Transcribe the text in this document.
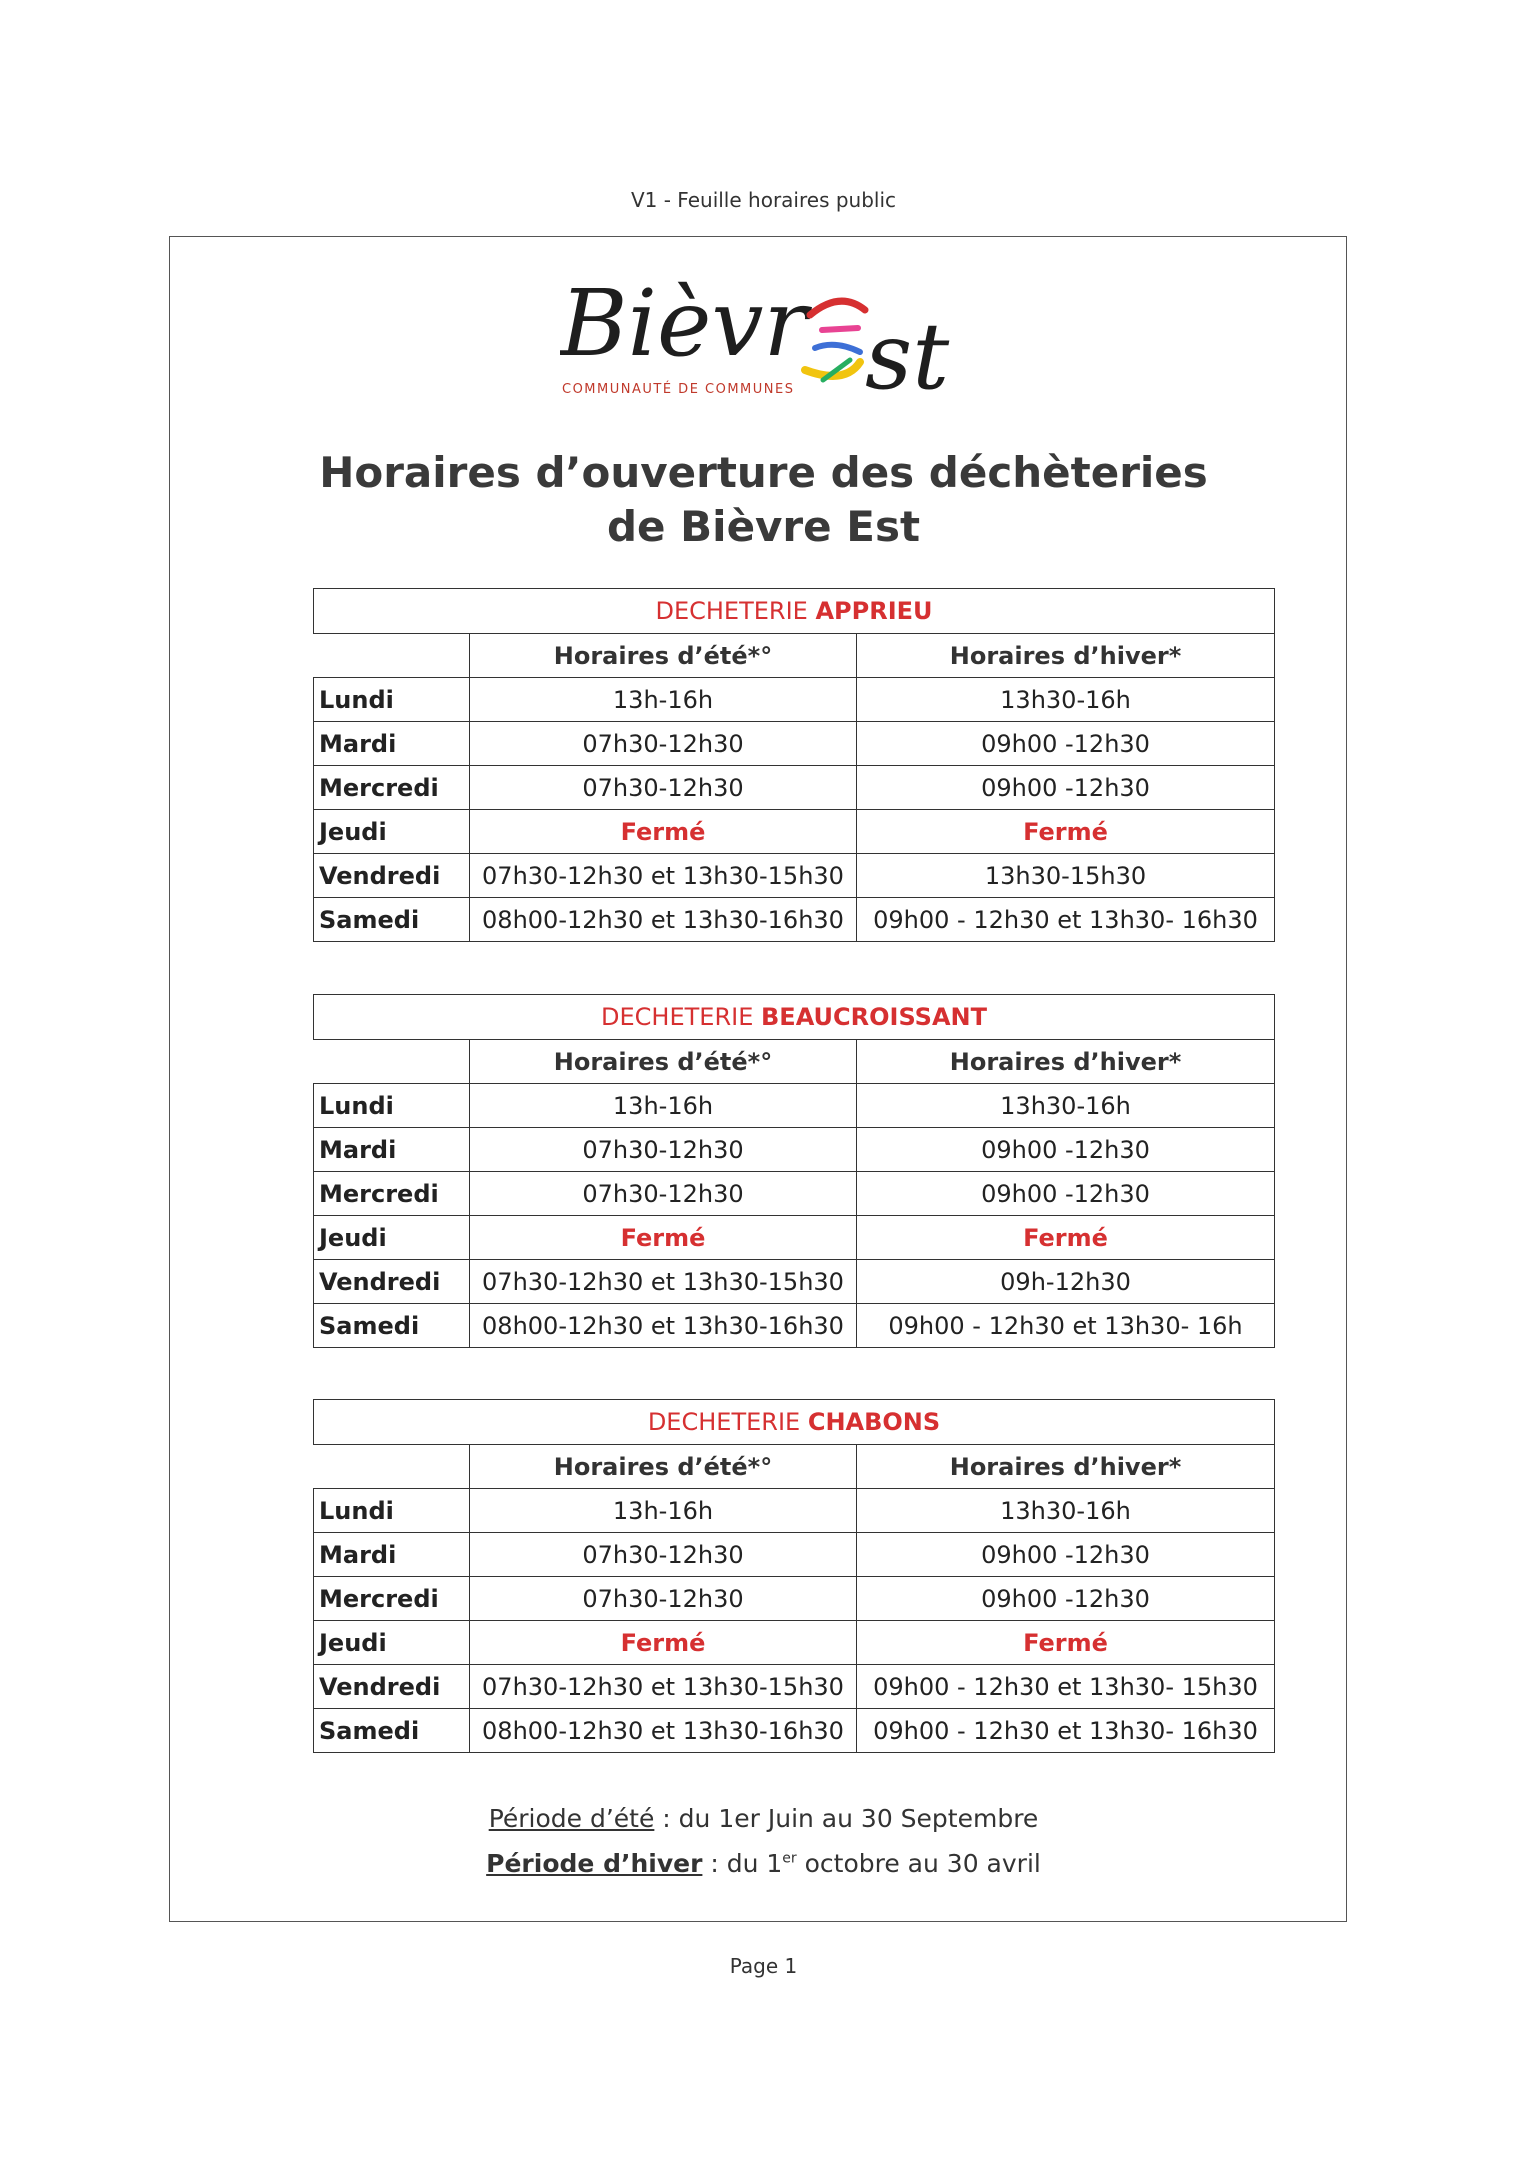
V1 - Feuille horaires public
Bièvr st
COMMUNAUTÉ DE COMMUNES
Horaires d’ouverture des déchèteries
de Bièvre Est
DECHETERIE APPRIEU		
	Horaires d’été*°	Horaires d’hiver*
Lundi	13h-16h	13h30-16h
Mardi	07h30-12h30	09h00 -12h30
Mercredi	07h30-12h30	09h00 -12h30
Jeudi	Fermé	Fermé
Vendredi	07h30-12h30 et 13h30-15h30	13h30-15h30
Samedi	08h00-12h30 et 13h30-16h30	09h00 - 12h30 et 13h30- 16h30
DECHETERIE BEAUCROISSANT		
	Horaires d’été*°	Horaires d’hiver*
Lundi	13h-16h	13h30-16h
Mardi	07h30-12h30	09h00 -12h30
Mercredi	07h30-12h30	09h00 -12h30
Jeudi	Fermé	Fermé
Vendredi	07h30-12h30 et 13h30-15h30	09h-12h30
Samedi	08h00-12h30 et 13h30-16h30	09h00 - 12h30 et 13h30- 16h
DECHETERIE CHABONS		
	Horaires d’été*°	Horaires d’hiver*
Lundi	13h-16h	13h30-16h
Mardi	07h30-12h30	09h00 -12h30
Mercredi	07h30-12h30	09h00 -12h30
Jeudi	Fermé	Fermé
Vendredi	07h30-12h30 et 13h30-15h30	09h00 - 12h30 et 13h30- 15h30
Samedi	08h00-12h30 et 13h30-16h30	09h00 - 12h30 et 13h30- 16h30
Période d’été : du 1er Juin au 30 Septembre
Période d’hiver : du 1er octobre au 30 avril
Page 1
